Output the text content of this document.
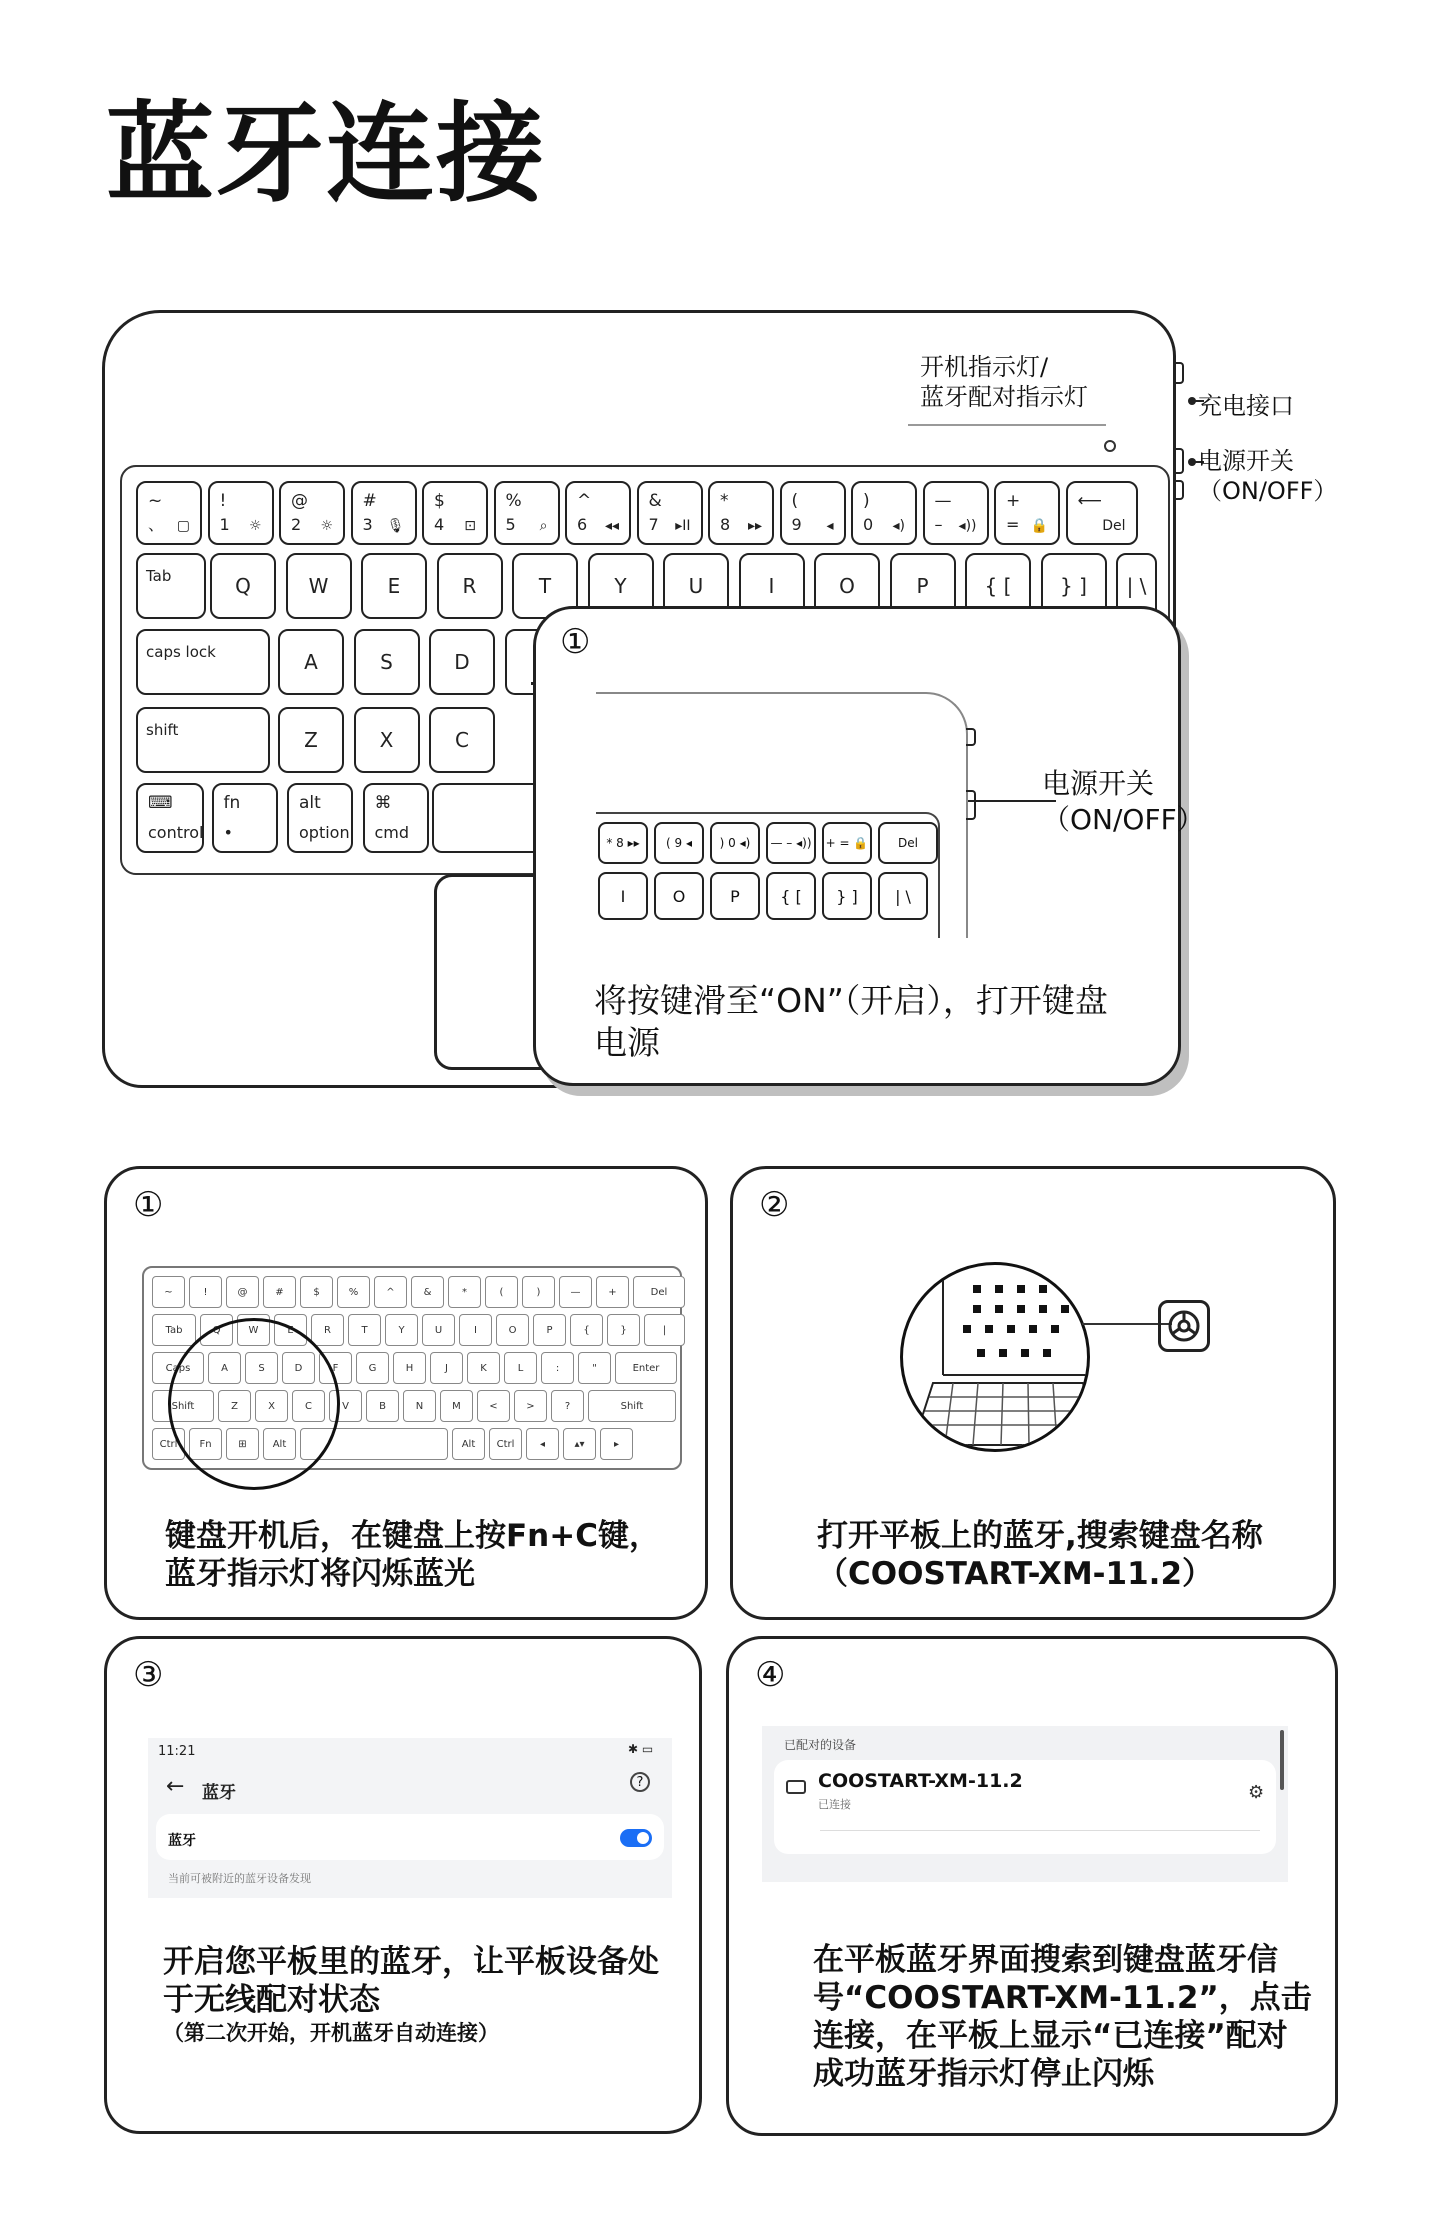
蓝牙连接
开机指示灯/
蓝牙配对指示灯	充电接口
电源开关
（ON/OFF）
~
、 ▢
!
1 ☼
@
2 ☼
#
3 🎙
$
4 ⊡
%
5 ⌕
^
6 ◂◂
&
7 ▸II
*
8 ▸▸
(
9 ◂
)
0 ◂)
—
– ◂))
+
= 🔒
⟵
Del
Tab	Q	W	E	R	T	Y	U	I	O	P	{ [ } ] | \
caps lock	A	S	D
shift	Z	X	C
⌨
control
fn
•
alt
option
⌘
cmd
①
* 8 ▸▸ ( 9 ◂ ) 0 ◂) — – ◂)) + = 🔒 Del
I	O	P	{ [ } ] | \
电源开关
（ON/OFF）
将按键滑至“ON”（开启），打开键盘电源
①
键盘开机后，在键盘上按Fn+C键，蓝牙指示灯将闪烁蓝光
~	!	@	#	$	%	^	&	*	(	)	—	+	Del
Tab	Q	W	E	R	T	Y	U	I	O	P	{	}	|
Caps	A	S	D	F	G	H	J	K	L	:	"	Enter
Shift	Z	X	C	V	B	N	M	<	>	?	Shift
Ctrl Fn	⊞	Alt	Alt Ctrl	◂	▴▾	▸
②
打开平板上的蓝牙,搜索键盘名称（COOSTART-XM-11.2）
③
开启您平板里的蓝牙，让平板设备处于无线配对状态
（第二次开始，开机蓝牙自动连接）
11:21	✱ ▭
← 蓝牙
?
蓝牙
当前可被附近的蓝牙设备发现
④
在平板蓝牙界面搜索到键盘蓝牙信号“COOSTART-XM-11.2”，点击连接，在平板上显示“已连接”配对成功蓝牙指示灯停止闪烁
已配对的设备
COOSTART-XM-11.2
已连接
⚙
